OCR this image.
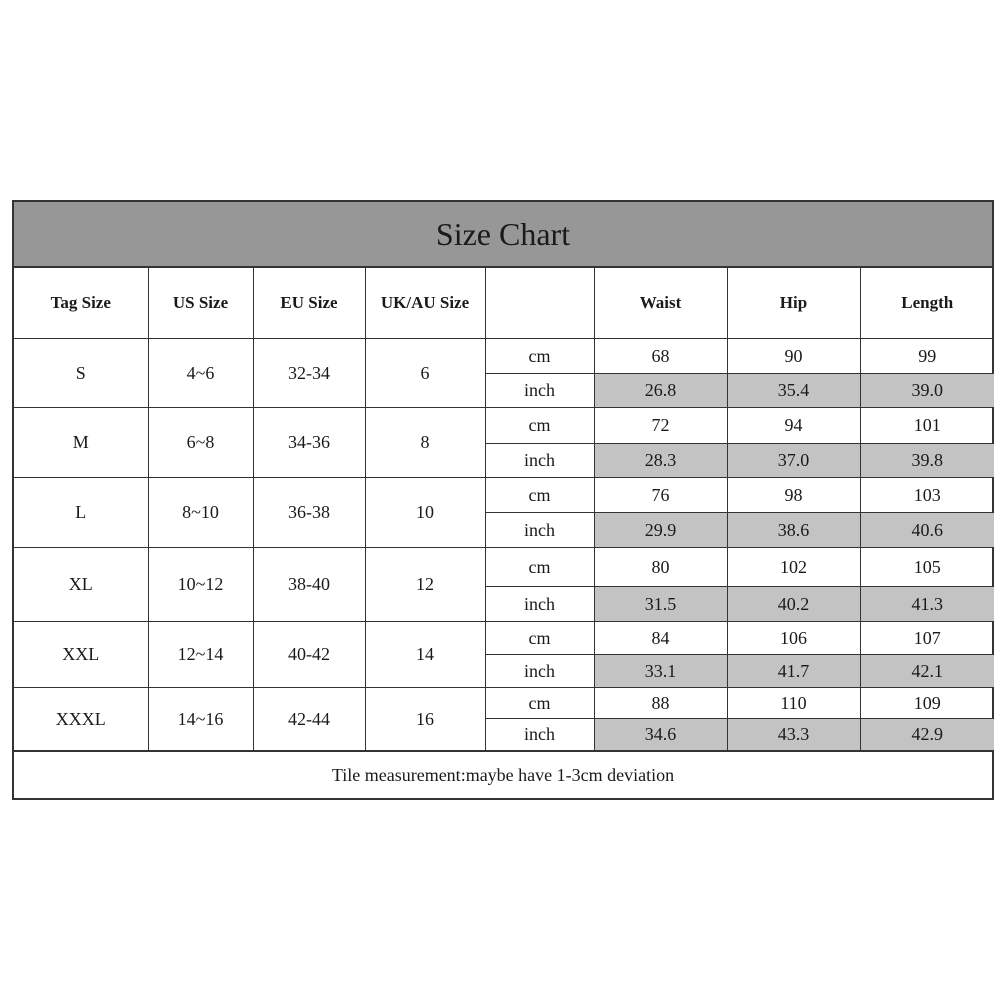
Size Chart
Tag Size	US Size	EU Size	UK/AU Size		Waist	Hip	Length
S	4~6	32-34	6	cm	68	90	99
				inch	26.8	35.4	39.0
M	6~8	34-36	8	cm	72	94	101
				inch	28.3	37.0	39.8
L	8~10	36-38	10	cm	76	98	103
				inch	29.9	38.6	40.6
XL	10~12	38-40	12	cm	80	102	105
				inch	31.5	40.2	41.3
XXL	12~14	40-42	14	cm	84	106	107
				inch	33.1	41.7	42.1
XXXL	14~16	42-44	16	cm	88	110	109
				inch	34.6	43.3	42.9
Tile measurement:maybe have 1-3cm deviation
